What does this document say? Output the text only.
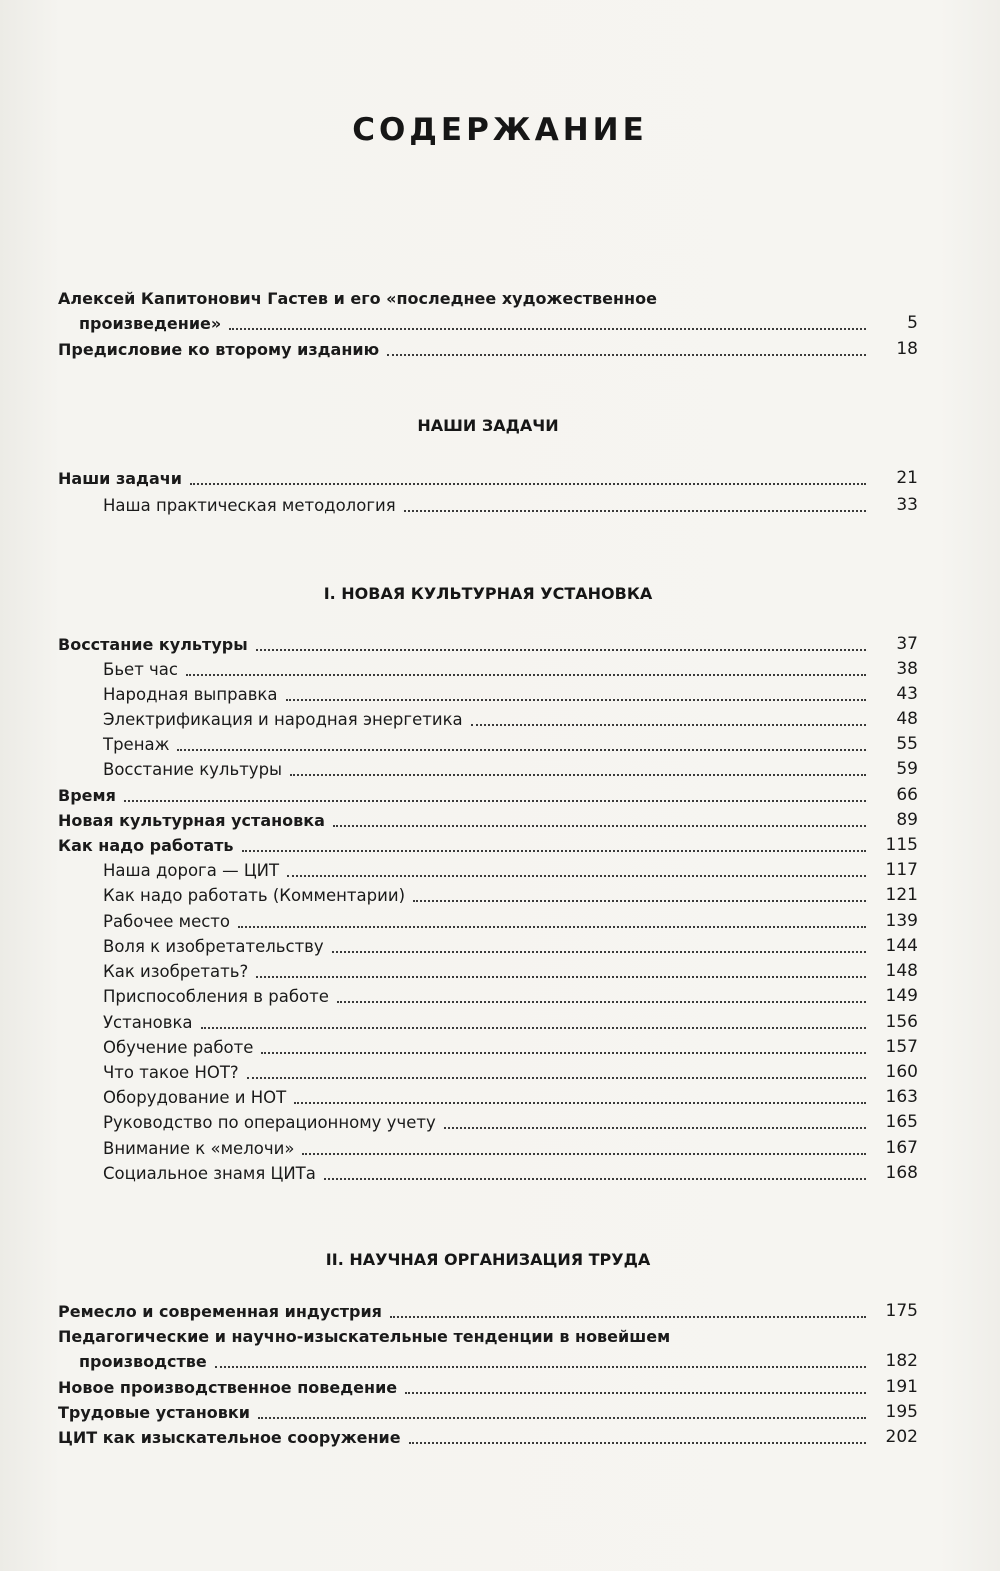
СОДЕРЖАНИЕ
Алексей Капитонович Гастев и его «последнее художественное
произведение»	5
Предисловие ко второму изданию	18
НАШИ ЗАДАЧИ
Наши задачи	21
Наша практическая методология	33
I. НОВАЯ КУЛЬТУРНАЯ УСТАНОВКА
Восстание культуры	37
Бьет час	38
Народная выправка	43
Электрификация и народная энергетика	48
Тренаж	55
Восстание культуры	59
Время	66
Новая культурная установка	89
Как надо работать	115
Наша дорога — ЦИТ	117
Как надо работать (Комментарии)	121
Рабочее место	139
Воля к изобретательству	144
Как изобретать?	148
Приспособления в работе	149
Установка	156
Обучение работе	157
Что такое НОТ?	160
Оборудование и НОТ	163
Руководство по операционному учету	165
Внимание к «мелочи»	167
Социальное знамя ЦИТа	168
II. НАУЧНАЯ ОРГАНИЗАЦИЯ ТРУДА
Ремесло и современная индустрия	175
Педагогические и научно-изыскательные тенденции в новейшем
производстве	182
Новое производственное поведение	191
Трудовые установки	195
ЦИТ как изыскательное сооружение	202
